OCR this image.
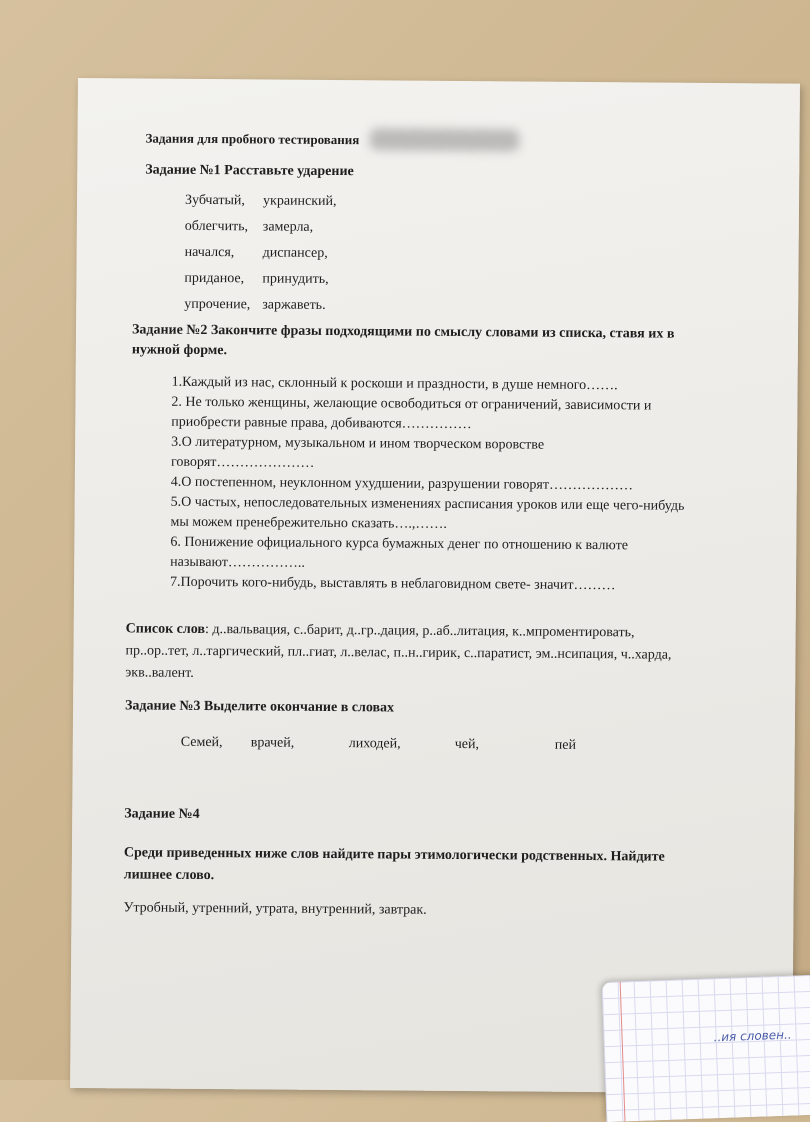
Задания для пробного тестирования
Задание №1 Расставьте ударение
Зубчатый,	украинский,
облегчить,	замерла,
начался,	диспансер,
приданое,	принудить,
упрочение, заржаветь.
Задание №2 Закончите фразы подходящими по смыслу словами из списка, ставя их в
нужной форме.
1.Каждый из нас, склонный к роскоши и праздности, в душе немного…….
2. Не только женщины, желающие освободиться от ограничений, зависимости и
приобрести равные права, добиваются……………
3.О литературном, музыкальном и ином творческом воровстве
говорят…………………
4.О постепенном, неуклонном ухудшении, разрушении говорят………………
5.О частых, непоследовательных изменениях расписания уроков или еще чего-нибудь
мы можем пренебрежительно сказать….,…….
6. Понижение официального курса бумажных денег по отношению к валюте
называют……………..
7.Порочить кого-нибудь, выставлять в неблаговидном свете- значит………
Список слов: д..вальвация, с..барит, д..гр..дация, р..аб..литация, к..мпроментировать,
пр..ор..тет, л..таргический, пл..гиат, л..велас, п..н..гирик, с..паратист, эм..нсипация, ч..харда,
экв..валент.
Задание №3 Выделите окончание в словах
Семей, врачей,	лиходей,	чей,	пей
Задание №4
Среди приведенных ниже слов найдите пары этимологически родственных. Найдите
лишнее слово.
Утробный, утренний, утрата, внутренний, завтрак.
..ия словен..
